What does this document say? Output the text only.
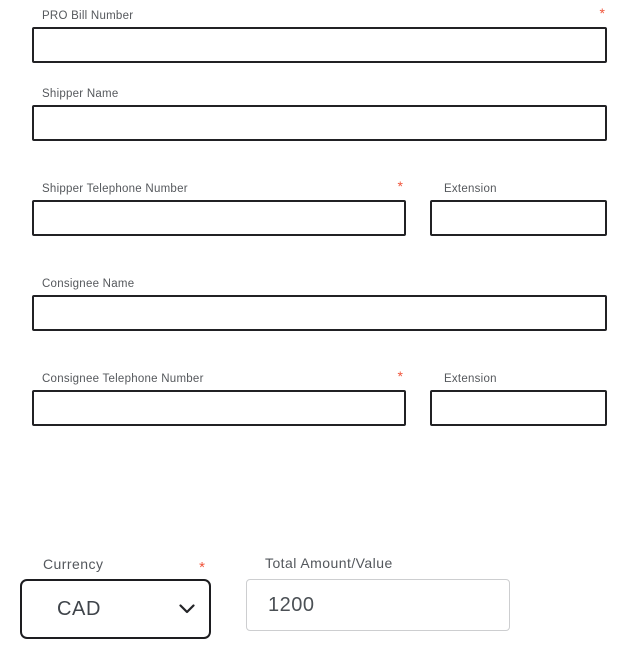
PRO Bill Number	*
Shipper Name
Shipper Telephone Number	*	Extension
Consignee Name
Consignee Telephone Number	*	Extension
Currency	*
CAD
Total Amount/Value
1200
